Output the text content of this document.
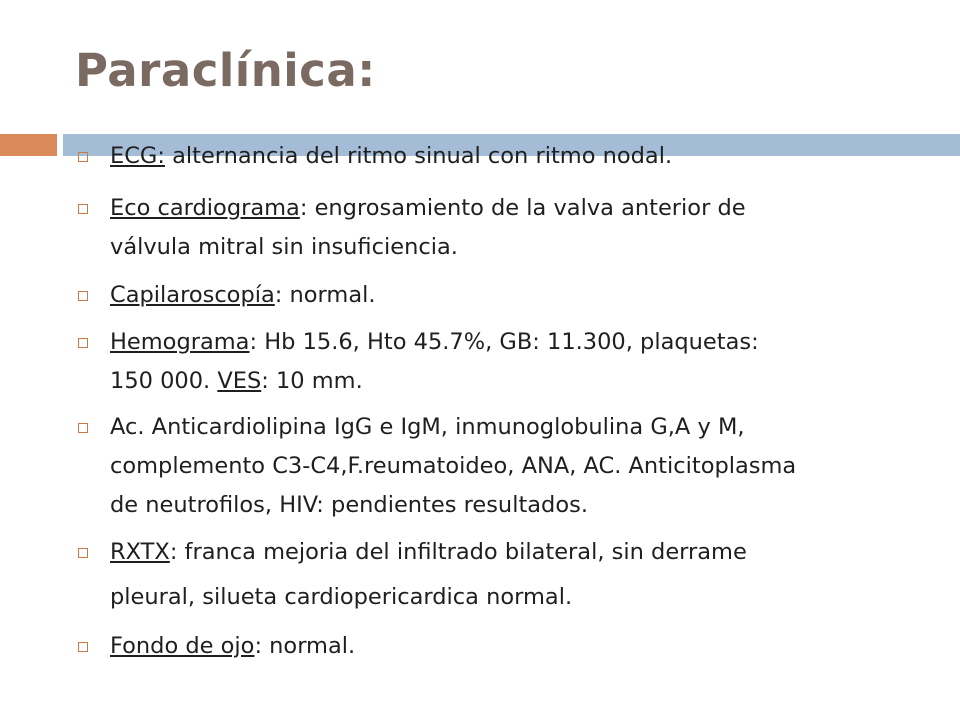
Paraclínica:
ECG: alternancia del ritmo sinual con ritmo nodal.
Eco cardiograma: engrosamiento de la valva anterior de
válvula mitral sin insuficiencia.
Capilaroscopía: normal.
Hemograma: Hb 15.6, Hto 45.7%, GB: 11.300, plaquetas:
150 000. VES: 10 mm.
Ac. Anticardiolipina IgG e IgM, inmunoglobulina G,A y M,
complemento C3-C4,F.reumatoideo, ANA, AC. Anticitoplasma
de neutrofilos, HIV: pendientes resultados.
RXTX: franca mejoria del infiltrado bilateral, sin derrame
pleural, silueta cardiopericardica normal.
Fondo de ojo: normal.
